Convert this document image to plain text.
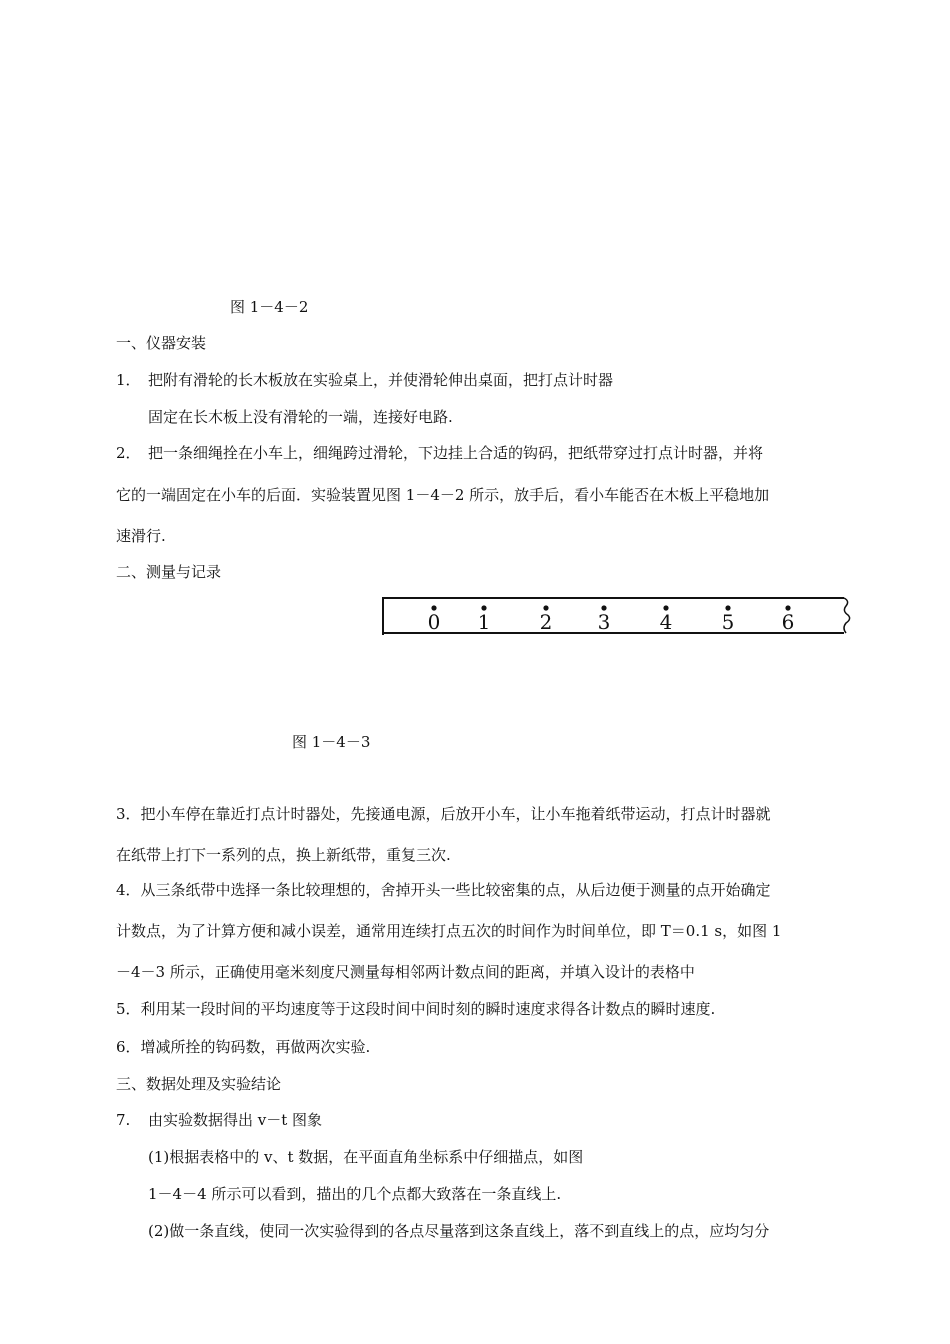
图 1－4－2
一、仪器安装
1． 把附有滑轮的长木板放在实验桌上，并使滑轮伸出桌面，把打点计时器
固定在长木板上没有滑轮的一端，连接好电路.
2． 把一条细绳拴在小车上，细绳跨过滑轮，下边挂上合适的钩码，把纸带穿过打点计时器，并将
它的一端固定在小车的后面．实验装置见图 1－4－2 所示，放手后，看小车能否在木板上平稳地加
速滑行.
二、测量与记录
0 1 2 3 4 5 6
图 1－4－3
3．把小车停在靠近打点计时器处，先接通电源，后放开小车，让小车拖着纸带运动，打点计时器就
在纸带上打下一系列的点，换上新纸带，重复三次.
4．从三条纸带中选择一条比较理想的，舍掉开头一些比较密集的点，从后边便于测量的点开始确定
计数点，为了计算方便和减小误差，通常用连续打点五次的时间作为时间单位，即 T＝0.1 s，如图 1
－4－3 所示，正确使用毫米刻度尺测量每相邻两计数点间的距离，并填入设计的表格中
5．利用某一段时间的平均速度等于这段时间中间时刻的瞬时速度求得各计数点的瞬时速度.
6．增减所拴的钩码数，再做两次实验.
三、数据处理及实验结论
7. 由实验数据得出 v－t 图象
(1)根据表格中的 v、t 数据，在平面直角坐标系中仔细描点，如图
1－4－4 所示可以看到，描出的几个点都大致落在一条直线上.
(2)做一条直线，使同一次实验得到的各点尽量落到这条直线上，落不到直线上的点，应均匀分
